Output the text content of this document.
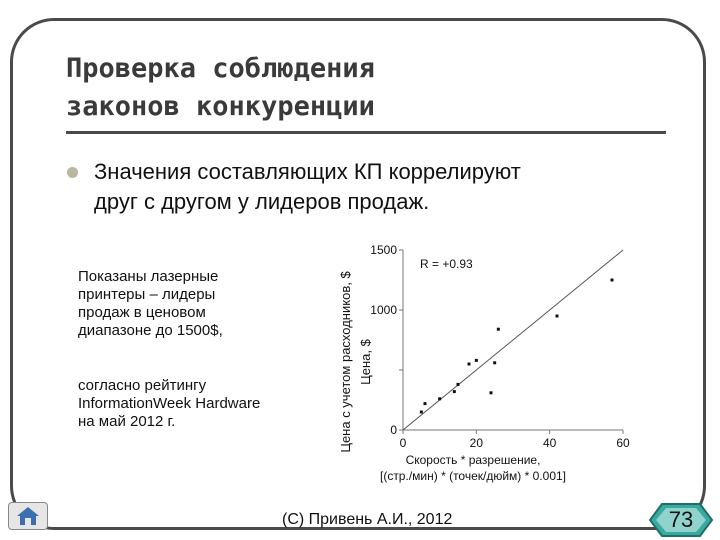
Проверка соблюдения
законов конкуренции

Значения составляющих КП коррелируют
друг с другом у лидеров продаж.

Показаны лазерные
принтеры – лидеры
продаж в ценовом
диапазоне до 1500$,

согласно рейтингу
InformationWeek Hardware
на май 2012 г.

Цена, $
Цена с учетом расходников, $
R = +0.93
Скорость * разрешение,
[(стр./мин) * (точек/дюйм) * 0.001]
0
1000
1500
0	20	40	60
(C) Привень А.И., 2012	73
